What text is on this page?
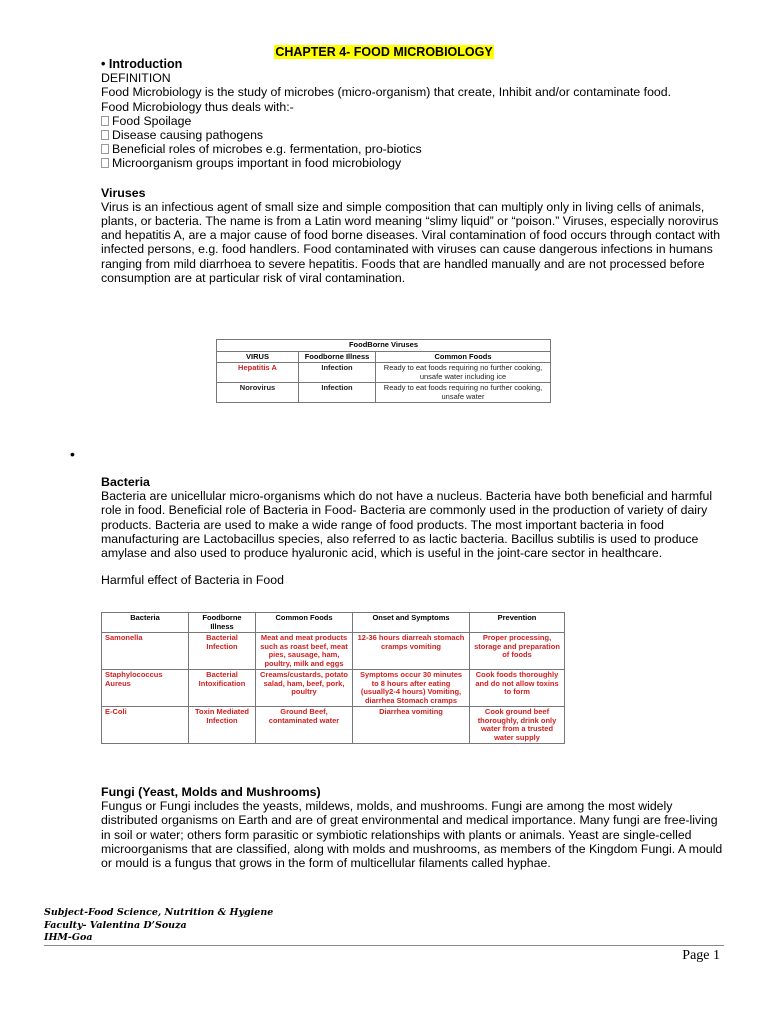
CHAPTER 4- FOOD MICROBIOLOGY
• Introduction
DEFINITION
Food Microbiology is the study of microbes (micro-organism) that create, Inhibit and/or contaminate food.
Food Microbiology thus deals with:-
Food Spoilage
Disease causing pathogens
Beneficial roles of microbes e.g. fermentation, pro-biotics
Microorganism groups important in food microbiology
Viruses
Virus is an infectious agent of small size and simple composition that can multiply only in living cells of animals, plants, or bacteria. The name is from a Latin word meaning “slimy liquid” or “poison.” Viruses, especially norovirus and hepatitis A, are a major cause of food borne diseases. Viral contamination of food occurs through contact with infected persons, e.g. food handlers. Food contaminated with viruses can cause dangerous infections in humans ranging from mild diarrhoea to severe hepatitis. Foods that are handled manually and are not processed before consumption are at particular risk of viral contamination.
FoodBorne Viruses		
VIRUS	Foodborne Illness	Common Foods
Hepatitis A	Infection	Ready to eat foods requiring no further cooking, unsafe water including ice
Norovirus	Infection	Ready to eat foods requiring no further cooking, unsafe water
•
Bacteria
Bacteria are unicellular micro-organisms which do not have a nucleus. Bacteria have both beneficial and harmful role in food. Beneficial role of Bacteria in Food- Bacteria are commonly used in the production of variety of dairy products. Bacteria are used to make a wide range of food products. The most important bacteria in food manufacturing are Lactobacillus species, also referred to as lactic bacteria. Bacillus subtilis is used to produce amylase and also used to produce hyaluronic acid, which is useful in the joint-care sector in healthcare.
Harmful effect of Bacteria in Food
Bacteria	Foodborne Illness	Common Foods	Onset and Symptoms	Prevention
Samonella	Bacterial Infection	Meat and meat products such as roast beef, meat pies, sausage, ham, poultry, milk and eggs	12-36 hours diarreah stomach cramps vomiting	Proper processing, storage and preparation of foods
Staphylococcus Aureus	Bacterial Intoxification	Creams/custards, potato salad, ham, beef, pork, poultry	Symptoms occur 30 minutes to 8 hours after eating (usually2-4 hours) Vomiting, diarrhea Stomach cramps	Cook foods thoroughly and do not allow toxins to form
E-Coli	Toxin Mediated Infection	Ground Beef, contaminated water	Diarrhea vomiting	Cook ground beef thoroughly, drink only water from a trusted water supply
Fungi (Yeast, Molds and Mushrooms)
Fungus or Fungi includes the yeasts, mildews, molds, and mushrooms. Fungi are among the most widely distributed organisms on Earth and are of great environmental and medical importance. Many fungi are free-living in soil or water; others form parasitic or symbiotic relationships with plants or animals. Yeast are single-celled microorganisms that are classified, along with molds and mushrooms, as members of the Kingdom Fungi. A mould or mould is a fungus that grows in the form of multicellular filaments called hyphae.
Subject-Food Science, Nutrition & Hygiene
Faculty- Valentina D’Souza
IHM-Goa
Page 1
